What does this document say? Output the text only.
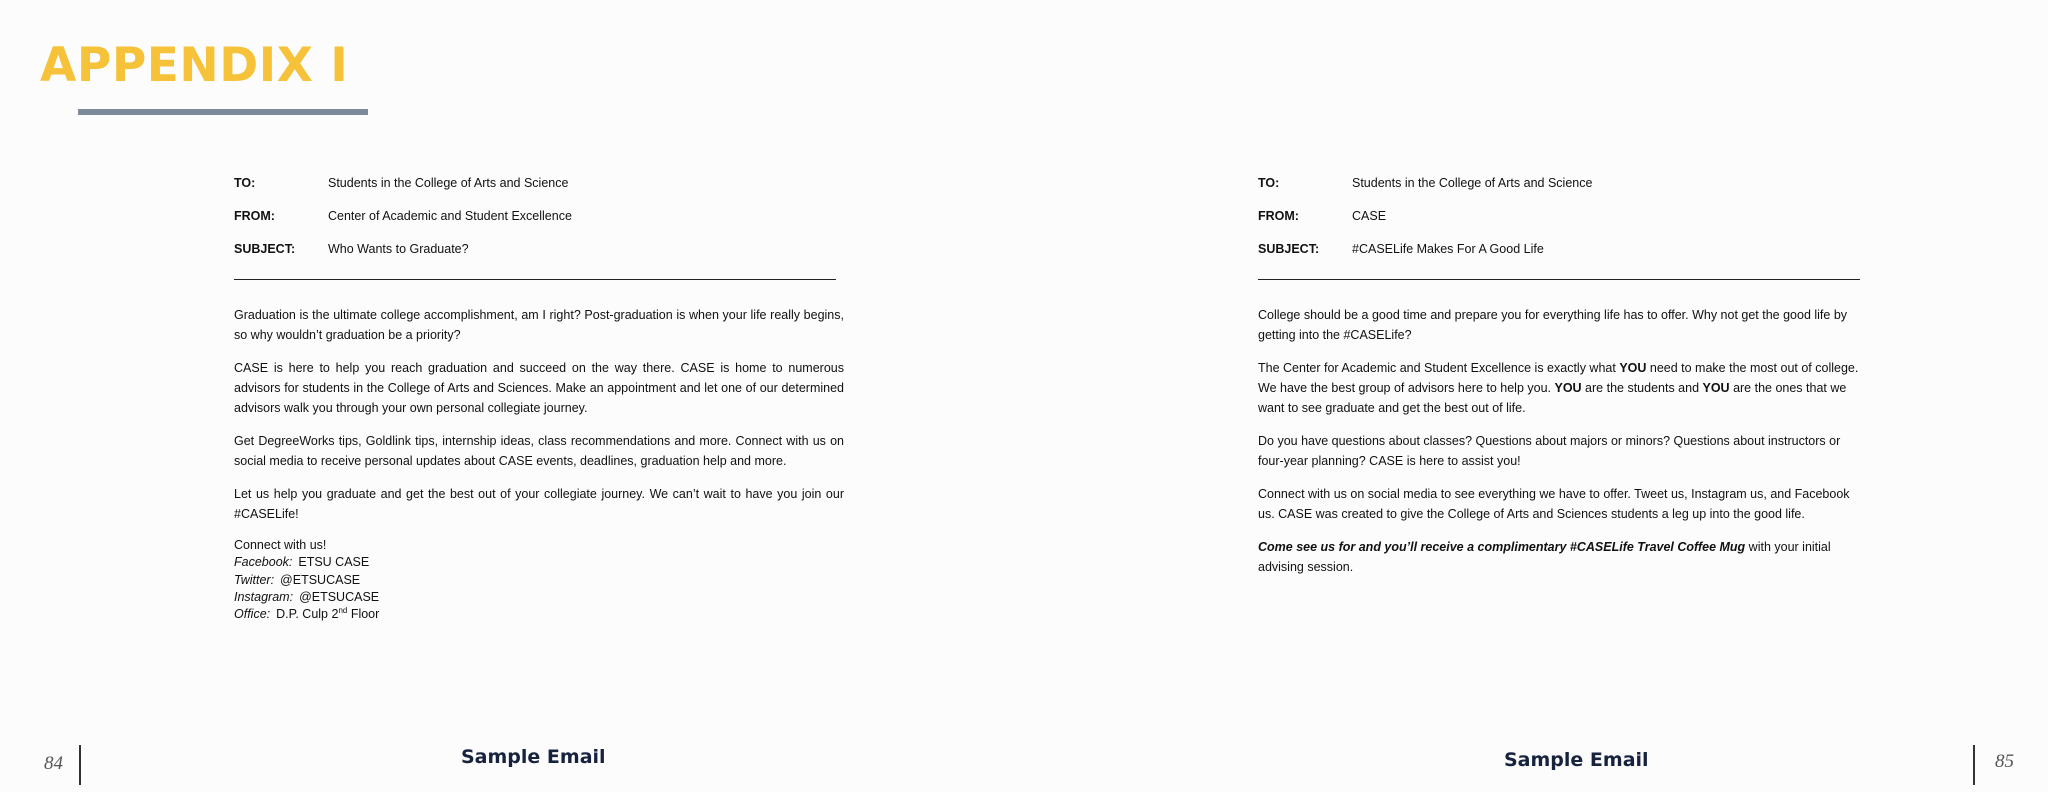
APPENDIX I
TO:	Students in the College of Arts and Science
FROM:	Center of Academic and Student Excellence
SUBJECT:	Who Wants to Graduate?

Graduation is the ultimate college accomplishment, am I right? Post-graduation is when your life really begins, so why wouldn’t graduation be a priority?

CASE is here to help you reach graduation and succeed on the way there. CASE is home to numerous advisors for students in the College of Arts and Sciences. Make an appointment and let one of our determined advisors walk you through your own personal collegiate journey.

Get DegreeWorks tips, Goldlink tips, internship ideas, class recommendations and more. Connect with us on social media to receive personal updates about CASE events, deadlines, graduation help and more.

Let us help you graduate and get the best out of your collegiate journey. We can’t wait to have you join our #CASELife!

Connect with us!
Facebook: ETSU CASE
Twitter: @ETSUCASE
Instagram: @ETSUCASE
Office: D.P. Culp 2nd Floor
84	Sample Email
TO:	Students in the College of Arts and Science
FROM:	CASE
SUBJECT:	#CASELife Makes For A Good Life

College should be a good time and prepare you for everything life has to offer. Why not get the good life by getting into the #CASELife?

The Center for Academic and Student Excellence is exactly what YOU need to make the most out of college. We have the best group of advisors here to help you. YOU are the students and YOU are the ones that we want to see graduate and get the best out of life.

Do you have questions about classes? Questions about majors or minors? Questions about instructors or four-year planning? CASE is here to assist you!

Connect with us on social media to see everything we have to offer. Tweet us, Instagram us, and Facebook us. CASE was created to give the College of Arts and Sciences students a leg up into the good life.

Come see us for and you’ll receive a complimentary #CASELife Travel Coffee Mug with your initial advising session.

Sample Email	85
